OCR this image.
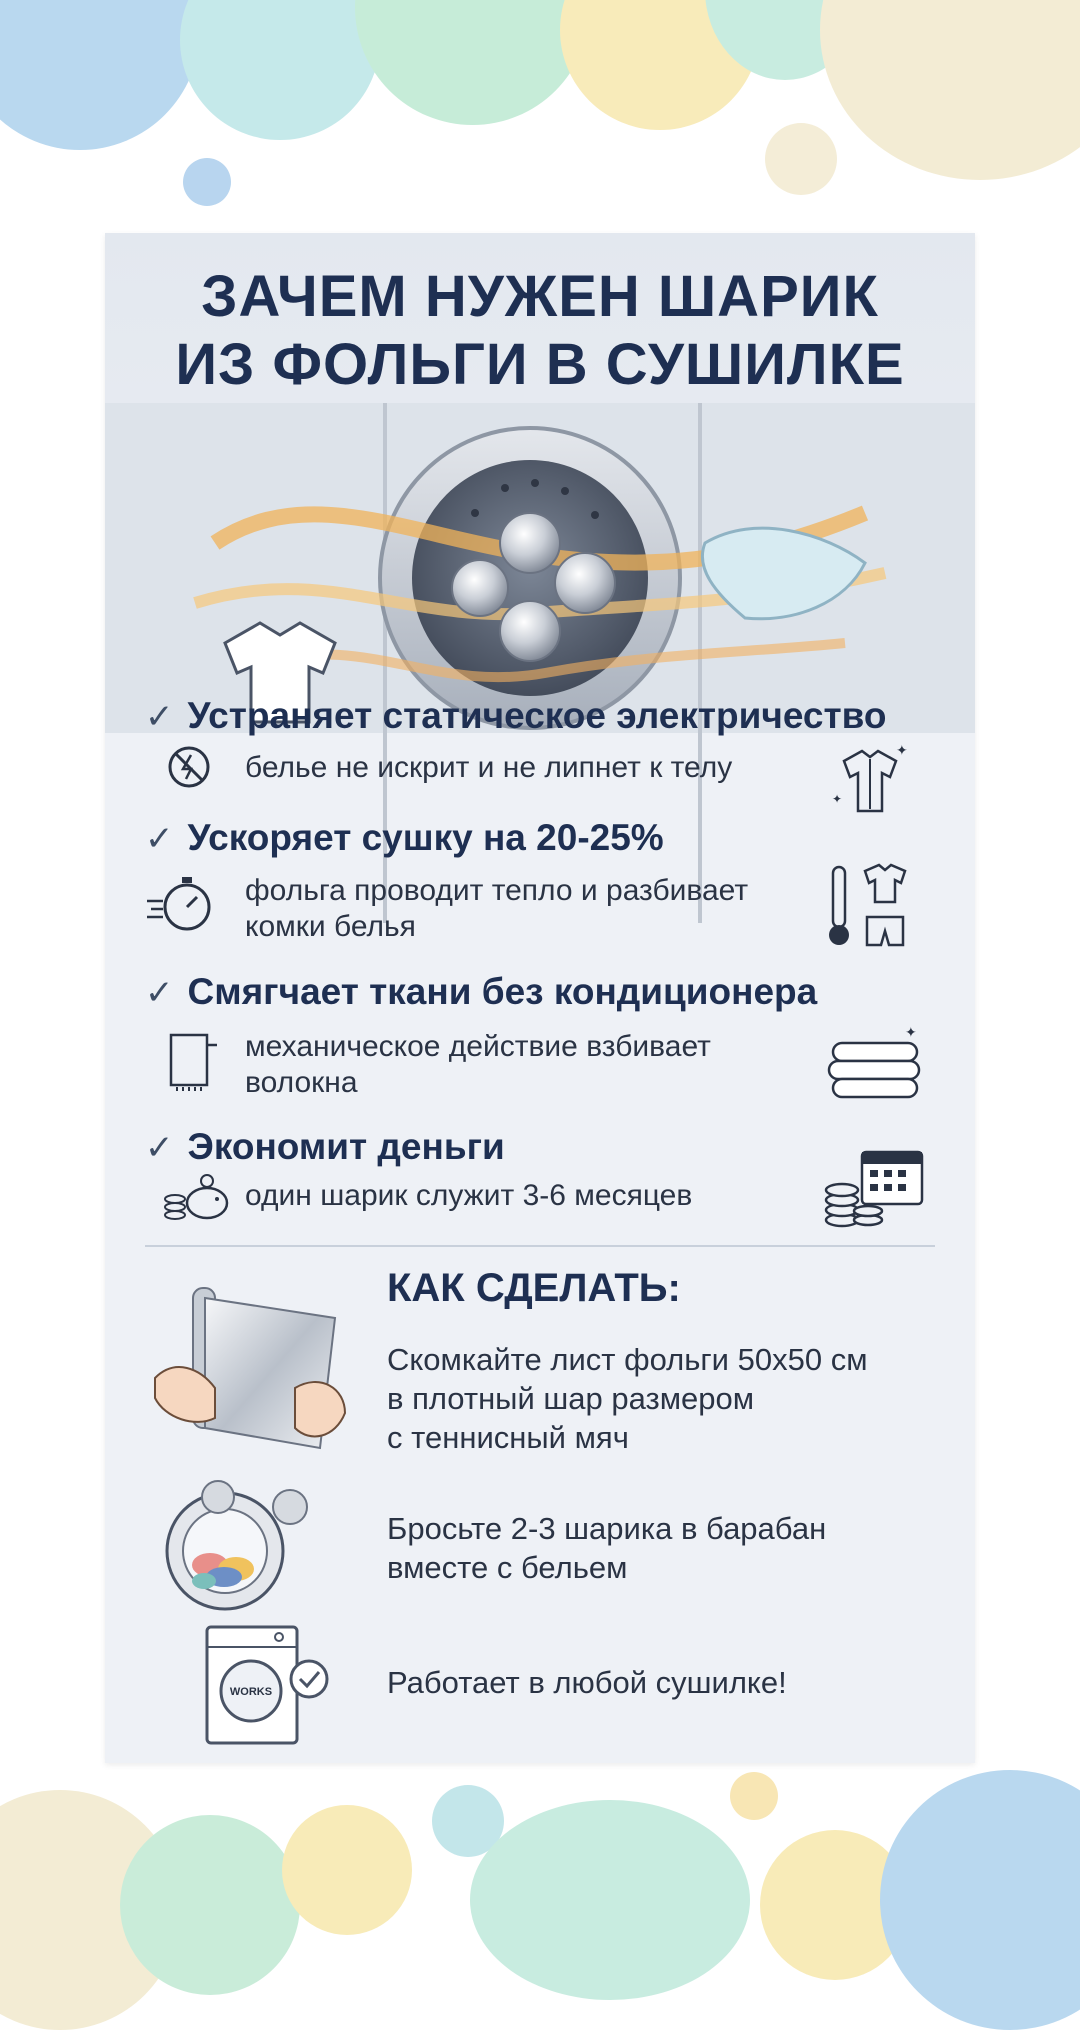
ЗАЧЕМ НУЖЕН ШАРИК
ИЗ ФОЛЬГИ В СУШИЛКЕ
✓ Устраняет статическое электричество
белье не искрит и не липнет к телу	✦
✦
✓ Ускоряет сушку на 20-25%
фольга проводит тепло и разбивает
комки белья
✓ Смягчает ткани без кондиционера
механическое действие взбивает
волокна
✦
✓ Экономит деньги
один шарик служит 3-6 месяцев
КАК СДЕЛАТЬ:
Скомкайте лист фольги 50x50 см
в плотный шар размером
с теннисный мяч
Бросьте 2-3 шарика в барабан
вместе с бельем
WORKS	Работает в любой сушилке!
